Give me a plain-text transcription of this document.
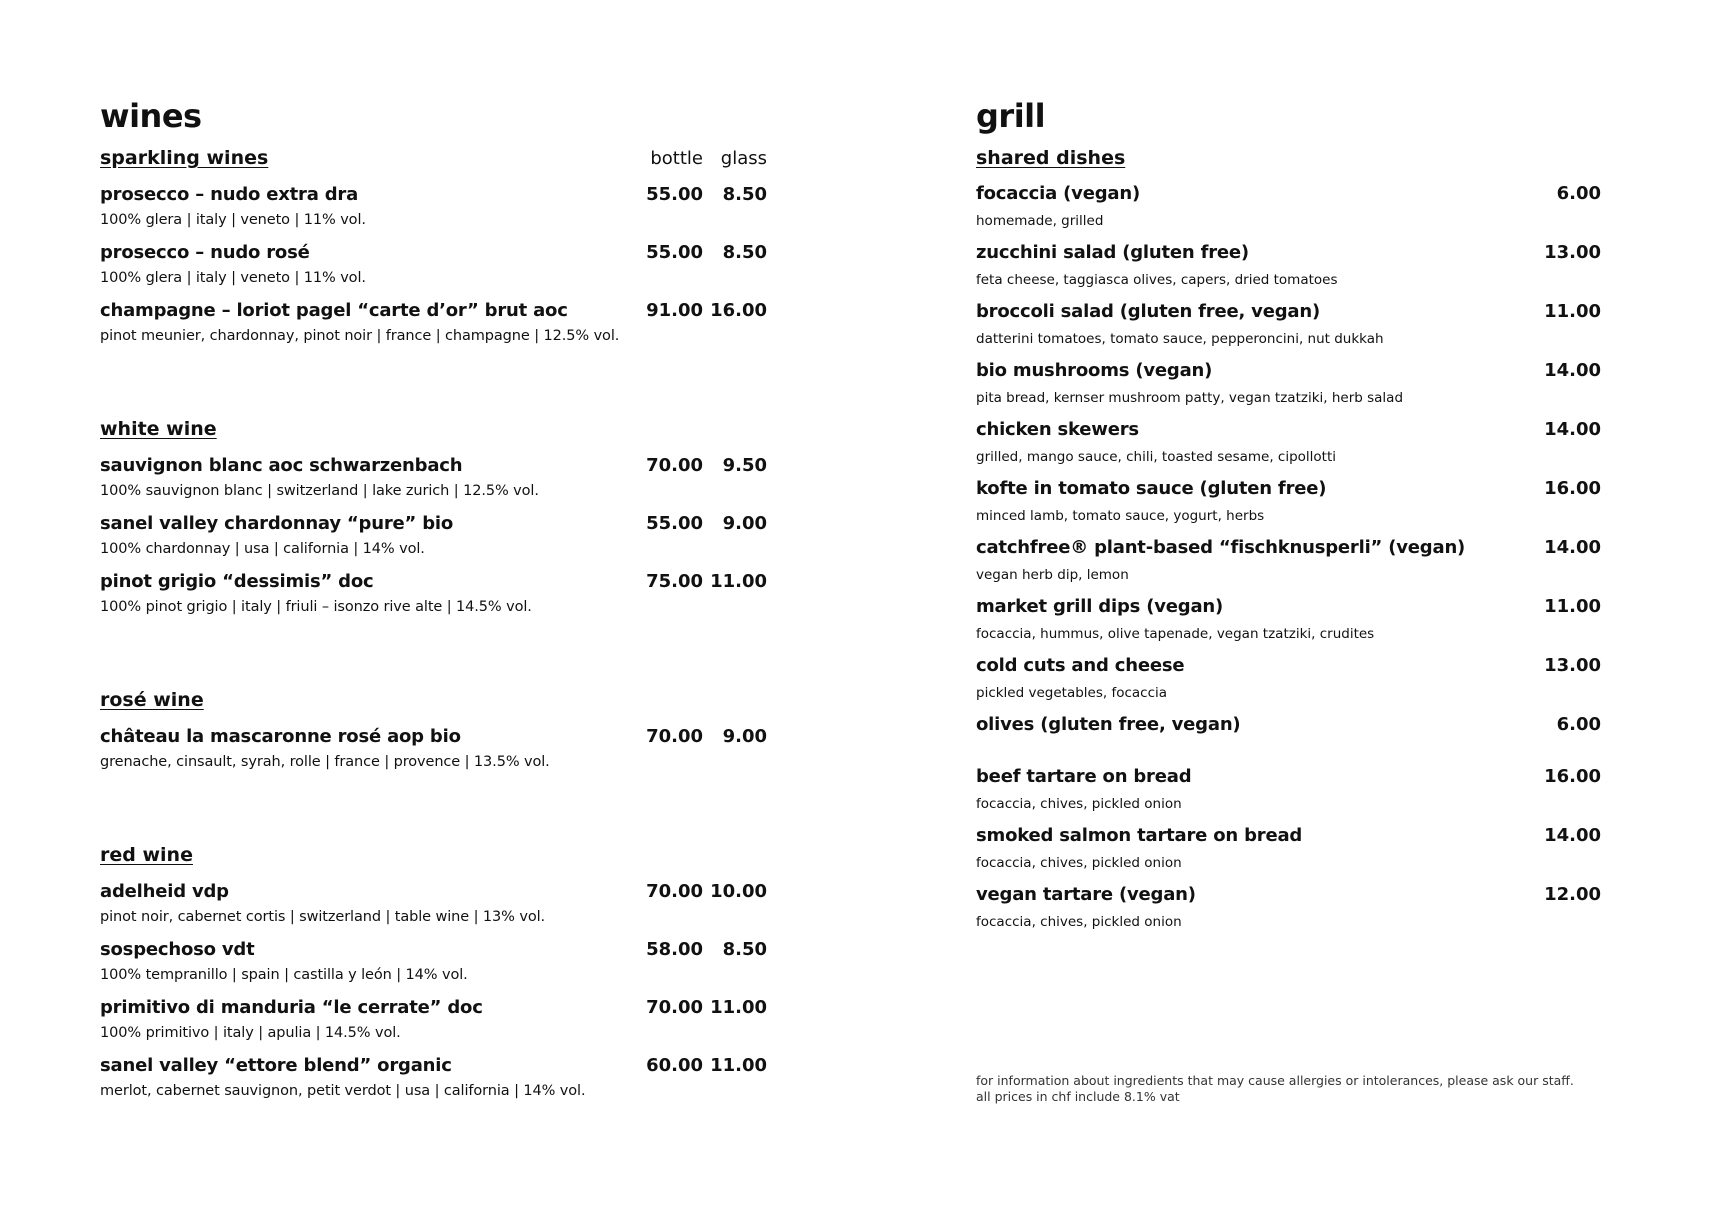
wines
sparkling wines	bottle glass
prosecco – nudo extra dra	55.00	8.50
100% glera | italy | veneto | 11% vol.
prosecco – nudo rosé	55.00	8.50
100% glera | italy | veneto | 11% vol.
champagne – loriot pagel “carte d’or” brut aoc	91.00 16.00
pinot meunier, chardonnay, pinot noir | france | champagne | 12.5% vol.
white wine
sauvignon blanc aoc schwarzenbach	70.00	9.50
100% sauvignon blanc | switzerland | lake zurich | 12.5% vol.
sanel valley chardonnay “pure” bio	55.00	9.00
100% chardonnay | usa | california | 14% vol.
pinot grigio “dessimis” doc	75.00 11.00
100% pinot grigio | italy | friuli – isonzo rive alte | 14.5% vol.
rosé wine
château la mascaronne rosé aop bio	70.00	9.00
grenache, cinsault, syrah, rolle | france | provence | 13.5% vol.
red wine
adelheid vdp	70.00 10.00
pinot noir, cabernet cortis | switzerland | table wine | 13% vol.
sospechoso vdt	58.00	8.50
100% tempranillo | spain | castilla y león | 14% vol.
primitivo di manduria “le cerrate” doc	70.00 11.00
100% primitivo | italy | apulia | 14.5% vol.
sanel valley “ettore blend” organic	60.00 11.00
merlot, cabernet sauvignon, petit verdot | usa | california | 14% vol.
grill
shared dishes
focaccia (vegan)	6.00
homemade, grilled
zucchini salad (gluten free)	13.00
feta cheese, taggiasca olives, capers, dried tomatoes
broccoli salad (gluten free, vegan)	11.00
datterini tomatoes, tomato sauce, pepperoncini, nut dukkah
bio mushrooms (vegan)	14.00
pita bread, kernser mushroom patty, vegan tzatziki, herb salad
chicken skewers	14.00
grilled, mango sauce, chili, toasted sesame, cipollotti
kofte in tomato sauce (gluten free)	16.00
minced lamb, tomato sauce, yogurt, herbs
catchfree® plant-based “fischknusperli” (vegan)	14.00
vegan herb dip, lemon
market grill dips (vegan)	11.00
focaccia, hummus, olive tapenade, vegan tzatziki, crudites
cold cuts and cheese	13.00
pickled vegetables, focaccia
olives (gluten free, vegan)	6.00
beef tartare on bread	16.00
focaccia, chives, pickled onion
smoked salmon tartare on bread	14.00
focaccia, chives, pickled onion
vegan tartare (vegan)	12.00
focaccia, chives, pickled onion
for information about ingredients that may cause allergies or intolerances, please ask our staff.
all prices in chf include 8.1% vat
